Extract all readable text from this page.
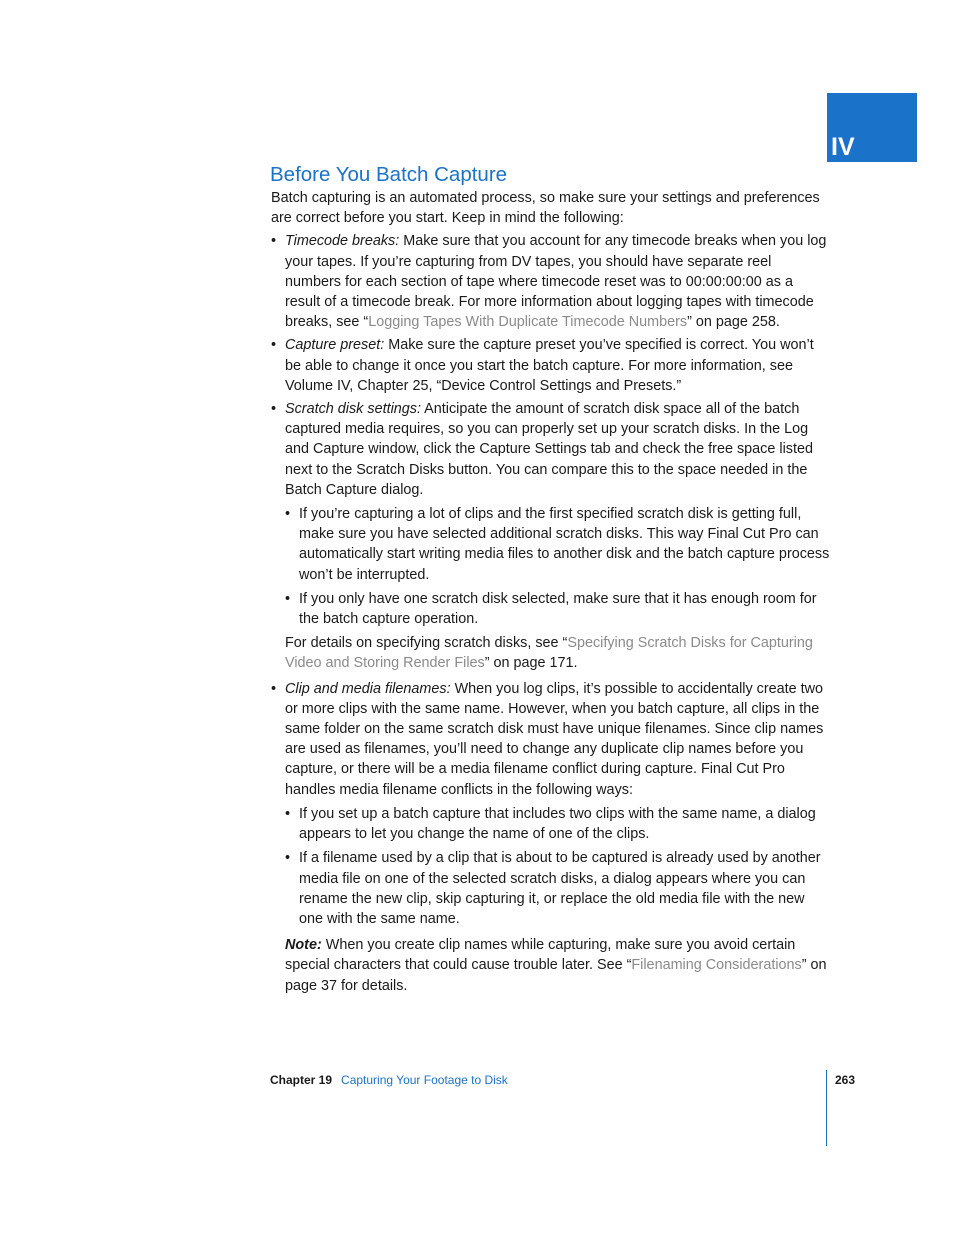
IV
Before You Batch Capture

Batch capturing is an automated process, so make sure your settings and preferences are correct before you start. Keep in mind the following:

• Timecode breaks: Make sure that you account for any timecode breaks when you log your tapes. If you’re capturing from DV tapes, you should have separate reel numbers for each section of tape where timecode reset was to 00:00:00:00 as a result of a timecode break. For more information about logging tapes with timecode breaks, see “Logging Tapes With Duplicate Timecode Numbers” on page 258.
• Capture preset: Make sure the capture preset you’ve specified is correct. You won’t be able to change it once you start the batch capture. For more information, see Volume IV, Chapter 25, “Device Control Settings and Presets.”
• Scratch disk settings: Anticipate the amount of scratch disk space all of the batch captured media requires, so you can properly set up your scratch disks. In the Log and Capture window, click the Capture Settings tab and check the free space listed next to the Scratch Disks button. You can compare this to the space needed in the Batch Capture dialog.
• If you’re capturing a lot of clips and the first specified scratch disk is getting full, make sure you have selected additional scratch disks. This way Final Cut Pro can automatically start writing media files to another disk and the batch capture process won’t be interrupted.
• If you only have one scratch disk selected, make sure that it has enough room for the batch capture operation.

For details on specifying scratch disks, see “Specifying Scratch Disks for Capturing Video and Storing Render Files” on page 171.

• Clip and media filenames: When you log clips, it’s possible to accidentally create two or more clips with the same name. However, when you batch capture, all clips in the same folder on the same scratch disk must have unique filenames. Since clip names are used as filenames, you’ll need to change any duplicate clip names before you capture, or there will be a media filename conflict during capture. Final Cut Pro handles media filename conflicts in the following ways:
• If you set up a batch capture that includes two clips with the same name, a dialog appears to let you change the name of one of the clips.
• If a filename used by a clip that is about to be captured is already used by another media file on one of the selected scratch disks, a dialog appears where you can rename the new clip, skip capturing it, or replace the old media file with the new one with the same name.

Note: When you create clip names while capturing, make sure you avoid certain special characters that could cause trouble later. See “Filenaming Considerations” on page 37 for details.

Chapter 19 Capturing Your Footage to Disk	263
